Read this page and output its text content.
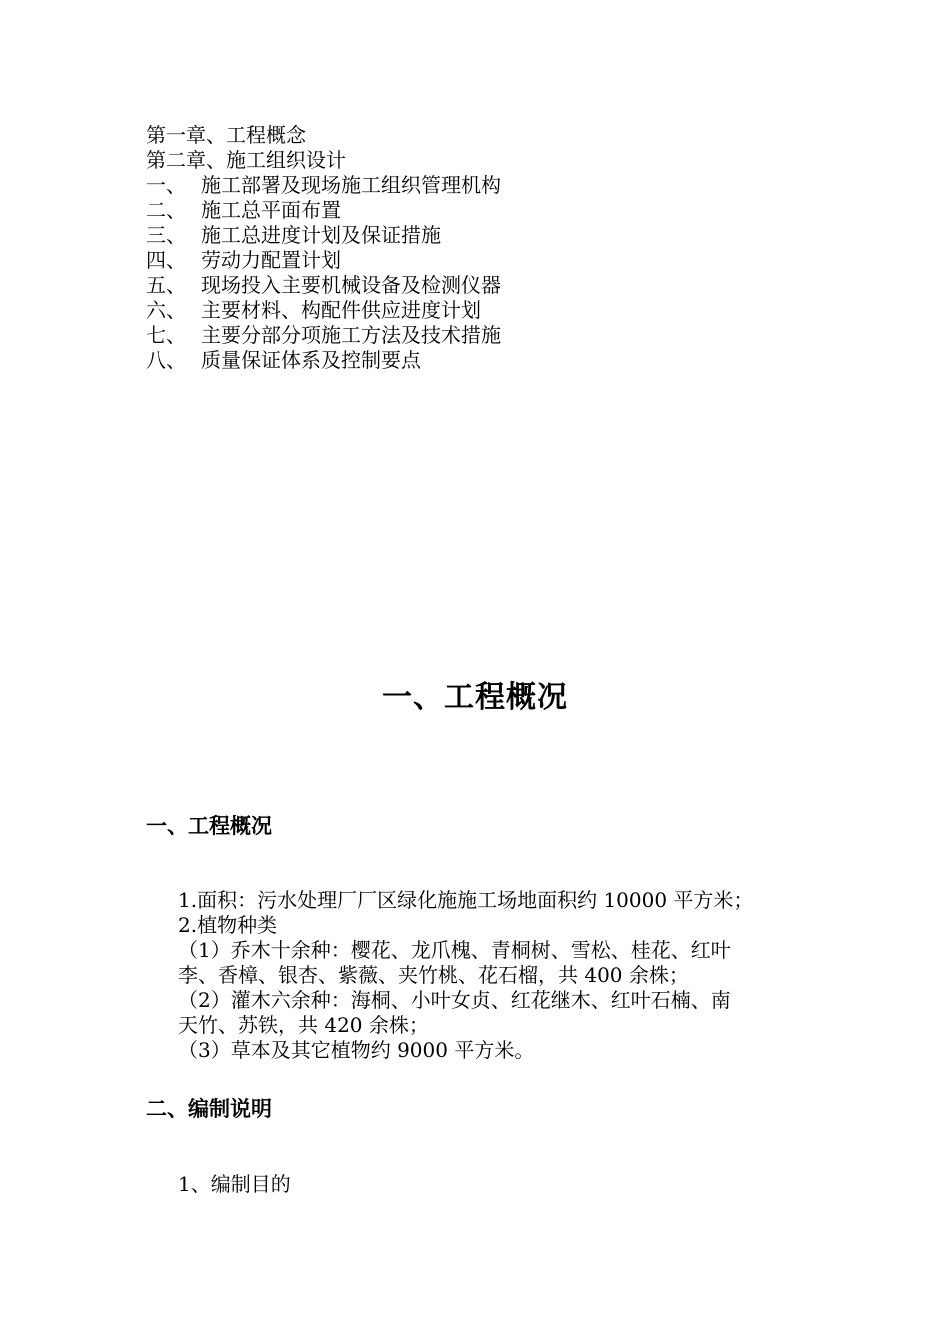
第一章、工程概念
第二章、施工组织设计
一、 施工部署及现场施工组织管理机构
二、 施工总平面布置
三、 施工总进度计划及保证措施
四、 劳动力配置计划
五、 现场投入主要机械设备及检测仪器
六、 主要材料、构配件供应进度计划
七、 主要分部分项施工方法及技术措施
八、 质量保证体系及控制要点
一、工程概况
一、工程概况
1.面积：污水处理厂厂区绿化施施工场地面积约 10000 平方米；
2.植物种类
（1）乔木十余种：樱花、龙爪槐、青桐树、雪松、桂花、红叶
李、香樟、银杏、紫薇、夹竹桃、花石榴，共 400 余株；
（2）灌木六余种：海桐、小叶女贞、红花继木、红叶石楠、南
天竹、苏铁，共 420 余株；
（3）草本及其它植物约 9000 平方米。
二、编制说明
1、编制目的
